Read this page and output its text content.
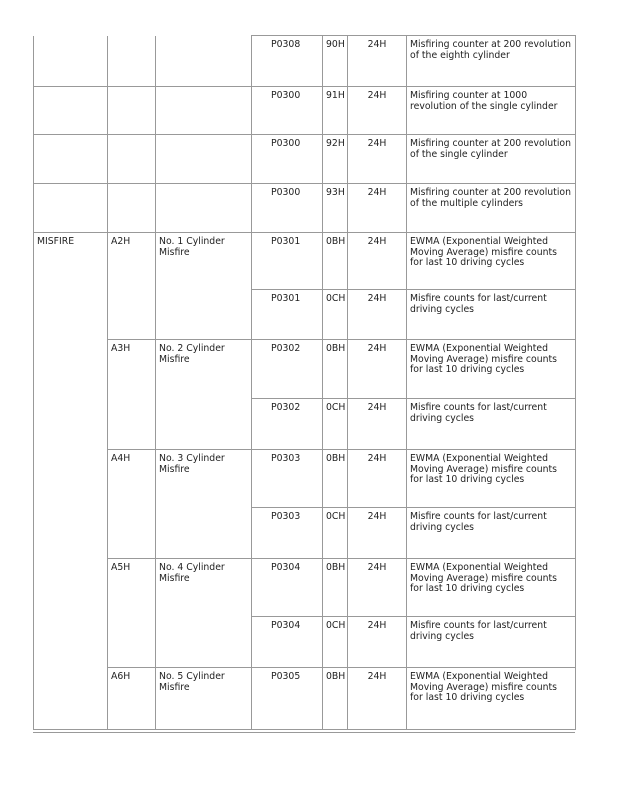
			P0308	90H	24H	Misfiring counter at 200 revolution of the eighth cylinder
			P0300	91H	24H	Misfiring counter at 1000 revolution of the single cylinder
			P0300	92H	24H	Misfiring counter at 200 revolution of the single cylinder
			P0300	93H	24H	Misfiring counter at 200 revolution of the multiple cylinders
MISFIRE	A2H	No. 1 Cylinder Misfire	P0301	0BH	24H	EWMA (Exponential Weighted Moving Average) misfire counts for last 10 driving cycles
			P0301	0CH	24H	Misfire counts for last/current driving cycles
	A3H	No. 2 Cylinder Misfire	P0302	0BH	24H	EWMA (Exponential Weighted Moving Average) misfire counts for last 10 driving cycles
			P0302	0CH	24H	Misfire counts for last/current driving cycles
	A4H	No. 3 Cylinder Misfire	P0303	0BH	24H	EWMA (Exponential Weighted Moving Average) misfire counts for last 10 driving cycles
			P0303	0CH	24H	Misfire counts for last/current driving cycles
	A5H	No. 4 Cylinder Misfire	P0304	0BH	24H	EWMA (Exponential Weighted Moving Average) misfire counts for last 10 driving cycles
			P0304	0CH	24H	Misfire counts for last/current driving cycles
	A6H	No. 5 Cylinder Misfire	P0305	0BH	24H	EWMA (Exponential Weighted Moving Average) misfire counts for last 10 driving cycles
